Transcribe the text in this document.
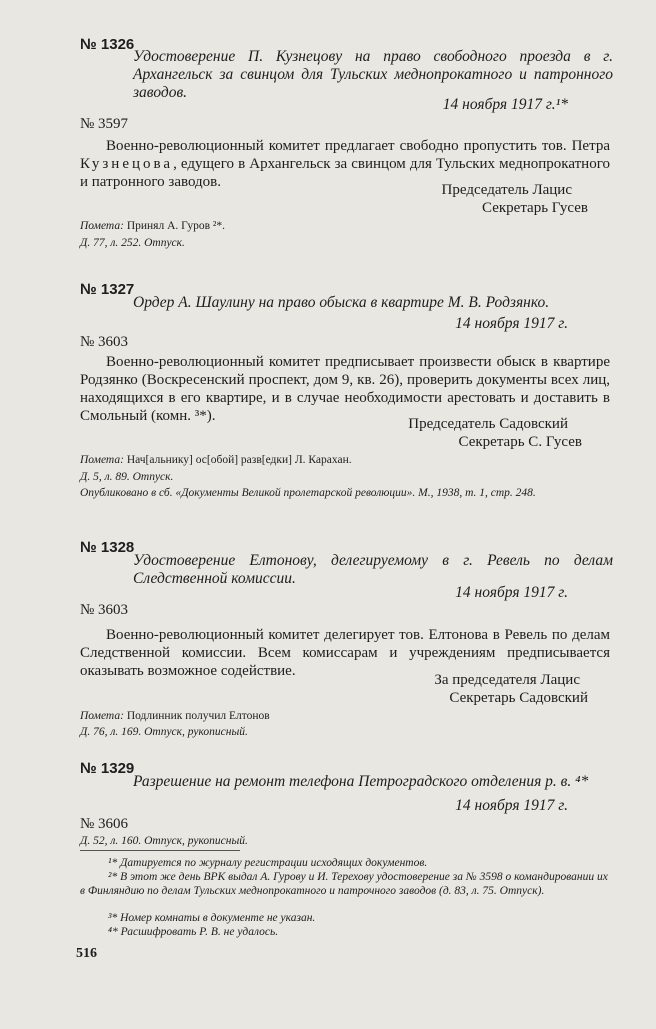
№ 1326
Удостоверение П. Кузнецову на право свободного проезда в г. Архангельск за свинцом для Тульских меднопрокатного и патронного заводов.
14 ноября 1917 г.¹*
№ 3597
Военно-революционный комитет предлагает свободно пропустить тов. Петра Кузнецова, едущего в Архангельск за свинцом для Тульских меднопрокатного и патронного заводов.	Председатель Лацис
Секретарь Гусев
Помета: Принял А. Гуров ²*.
Д. 77, л. 252. Отпуск.
№ 1327
Ордер А. Шаулину на право обыска в квартире М. В. Родзянко.
14 ноября 1917 г.
№ 3603
Военно-революционный комитет предписывает произвести обыск в квартире Родзянко (Воскресенский проспект, дом 9, кв. 26), проверить документы всех лиц, находящихся в его квартире, и в случае необходимости арестовать и доставить в Смольный (комн. ³*).	Председатель Садовский
Секретарь С. Гусев
Помета: Нач[альнику] ос[обой] разв[едки] Л. Карахан.
Д. 5, л. 89. Отпуск.
Опубликовано в сб. «Документы Великой пролетарской революции». М., 1938, т. 1, стр. 248.
№ 1328
Удостоверение Елтонову, делегируемому в г. Ревель по делам Следственной комиссии.
14 ноября 1917 г.
№ 3603
Военно-революционный комитет делегирует тов. Елтонова в Ревель по делам Следственной комиссии. Всем комиссарам и учреждениям предписывается оказывать возможное содействие.
За председателя Лацис
Секретарь Садовский
Помета: Подлинник получил Елтонов
Д. 76, л. 169. Отпуск, рукописный.
№ 1329
Разрешение на ремонт телефона Петроградского отделения р. в. ⁴*
14 ноября 1917 г.
№ 3606
Д. 52, л. 160. Отпуск, рукописный.
¹* Датируется по журналу регистрации исходящих документов.
²* В этот же день ВРК выдал А. Гурову и И. Терехову удостоверение за № 3598 о командировании их в Финляндию по делам Тульских меднопрокатного и патрочного заводов (д. 83, л. 75. Отпуск).
³* Номер комнаты в документе не указан.
⁴* Расшифровать Р. В. не удалось.
516
